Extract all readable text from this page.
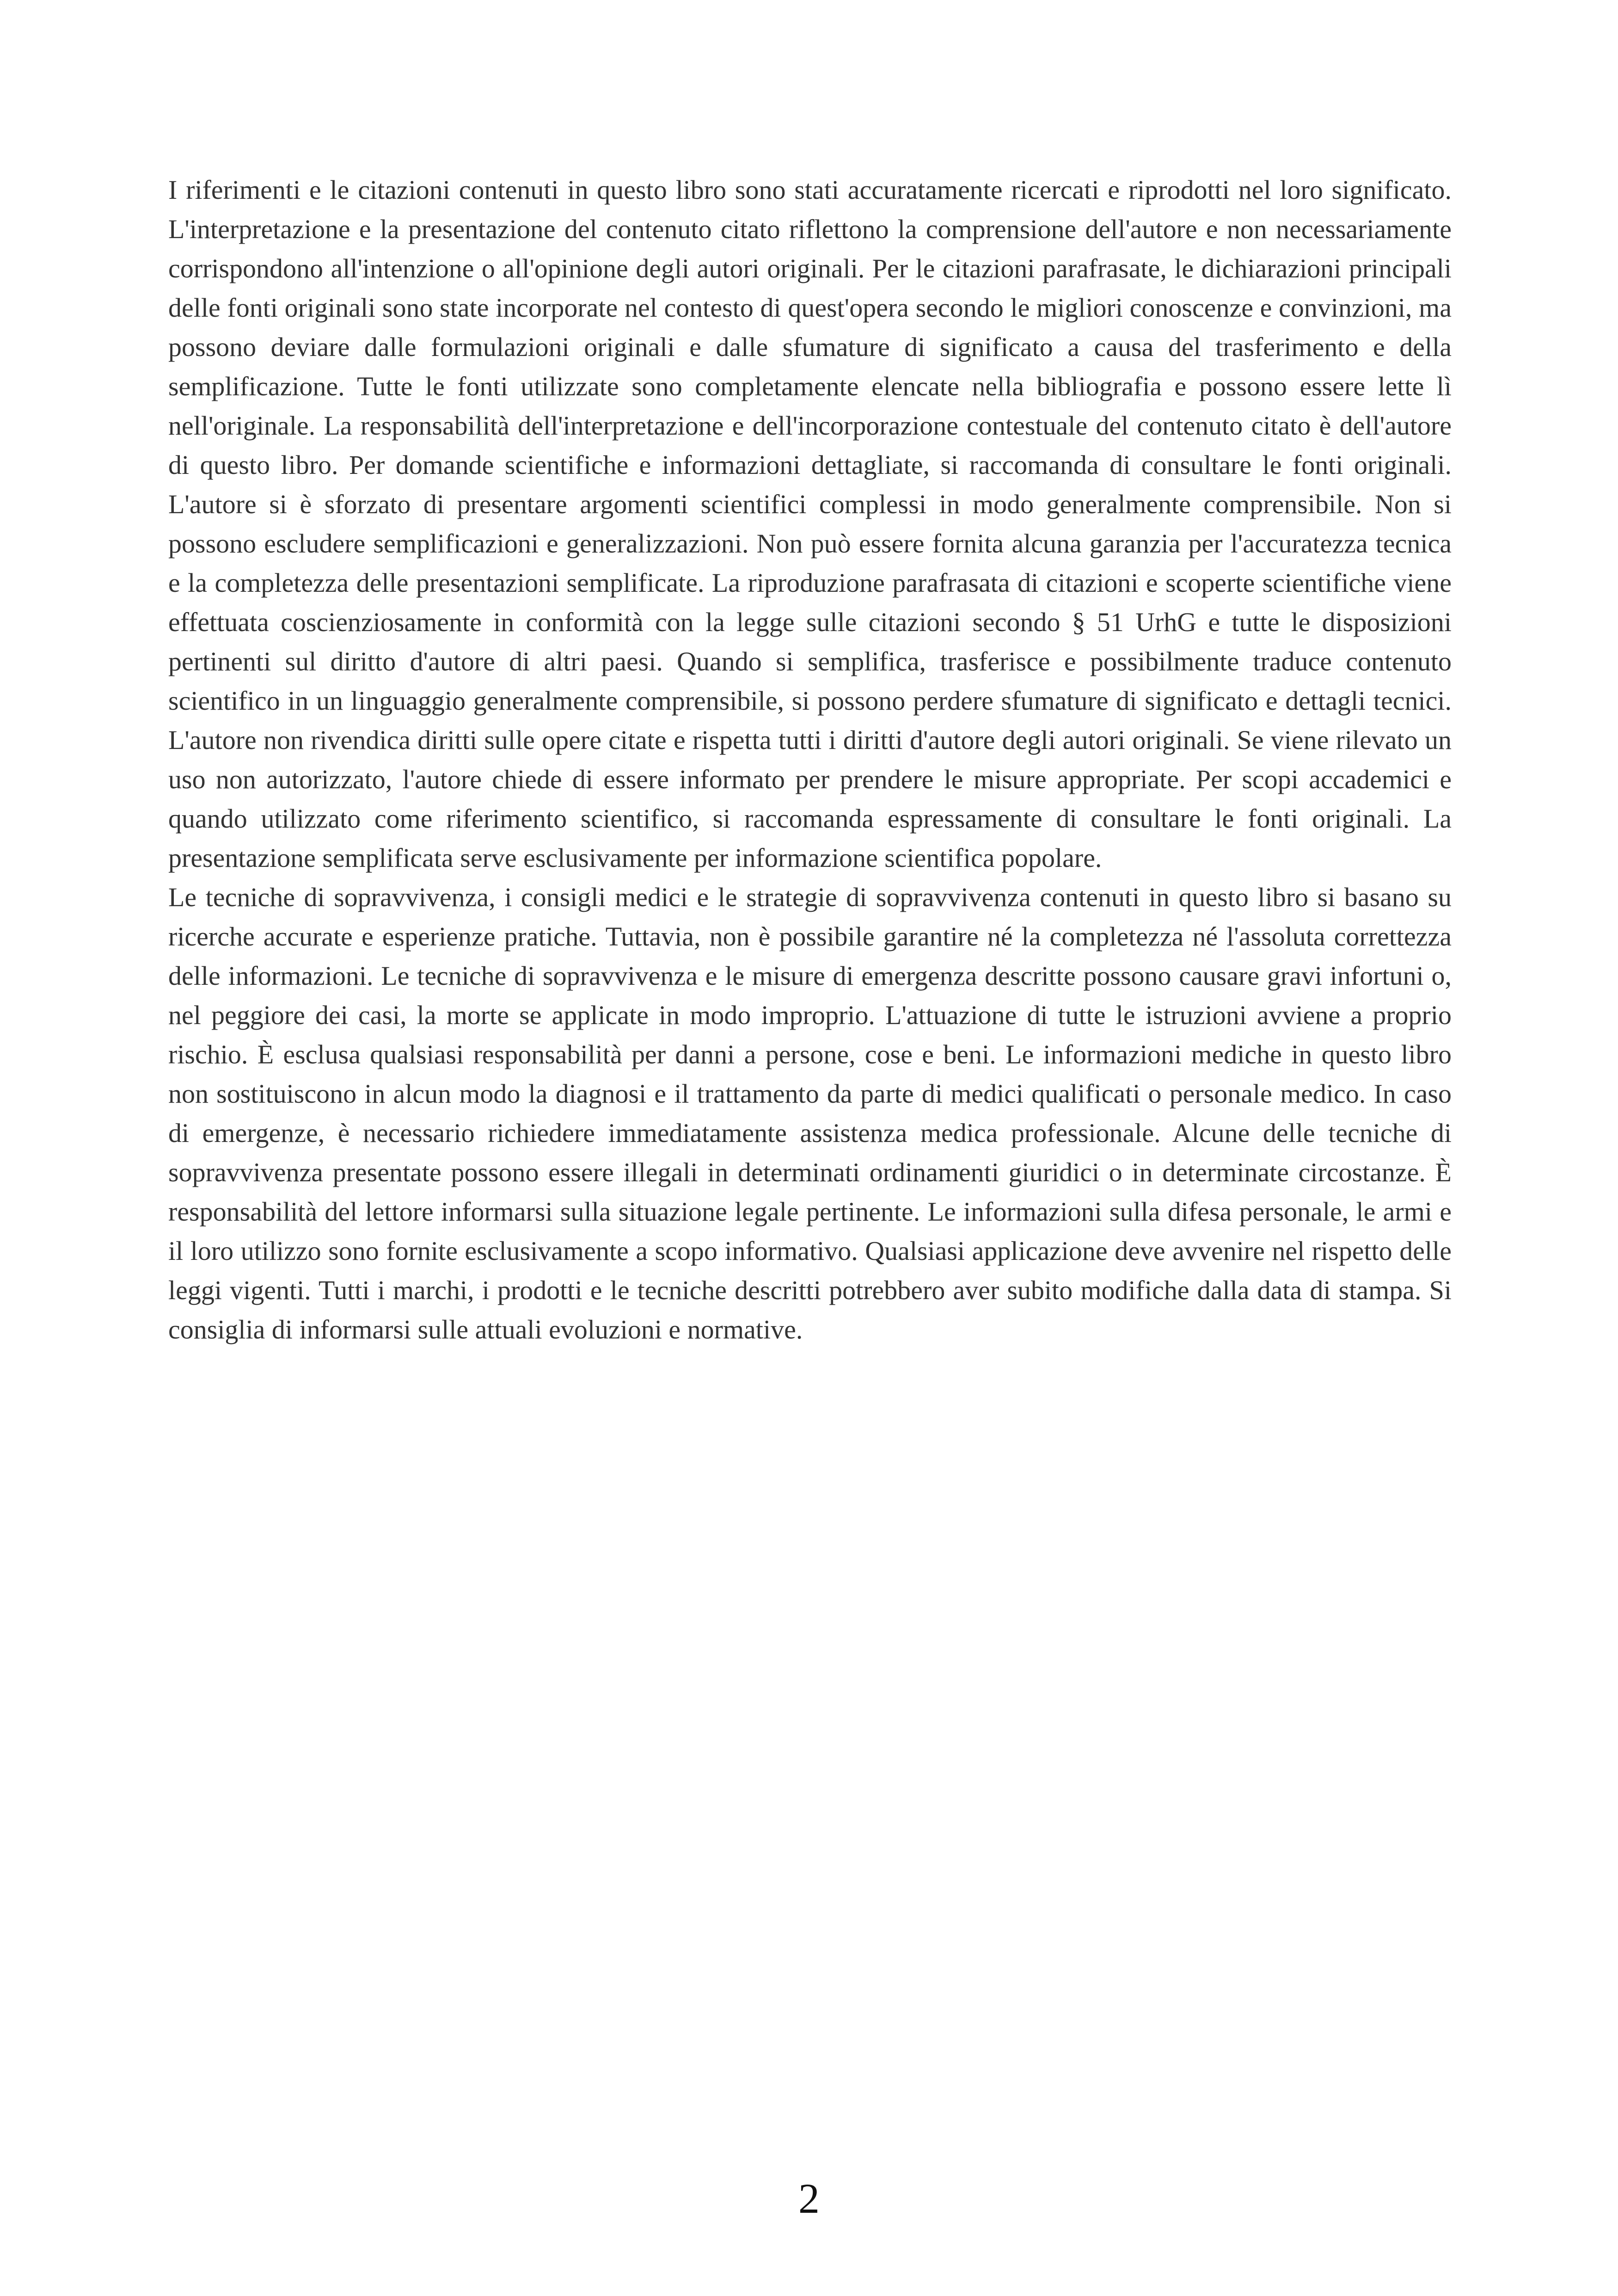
I riferimenti e le citazioni contenuti in questo libro sono stati accuratamente ricercati e riprodotti nel loro significato. L'interpretazione e la presentazione del contenuto citato riflettono la comprensione dell'autore e non necessariamente corrispondono all'intenzione o all'opinione degli autori originali. Per le citazioni parafrasate, le dichiarazioni principali delle fonti originali sono state incorporate nel contesto di quest'opera secondo le migliori conoscenze e convinzioni, ma possono deviare dalle formulazioni originali e dalle sfumature di significato a causa del trasferimento e della semplificazione. Tutte le fonti utilizzate sono completamente elencate nella bibliografia e possono essere lette lì nell'originale. La responsabilità dell'interpretazione e dell'incorporazione contestuale del contenuto citato è dell'autore di questo libro. Per domande scientifiche e informazioni dettagliate, si raccomanda di consultare le fonti originali. L'autore si è sforzato di presentare argomenti scientifici complessi in modo generalmente comprensibile. Non si possono escludere semplificazioni e generalizzazioni. Non può essere fornita alcuna garanzia per l'accuratezza tecnica e la completezza delle presentazioni semplificate. La riproduzione parafrasata di citazioni e scoperte scientifiche viene effettuata coscienziosamente in conformità con la legge sulle citazioni secondo § 51 UrhG e tutte le disposizioni pertinenti sul diritto d'autore di altri paesi. Quando si semplifica, trasferisce e possibilmente traduce contenuto scientifico in un linguaggio generalmente comprensibile, si possono perdere sfumature di significato e dettagli tecnici. L'autore non rivendica diritti sulle opere citate e rispetta tutti i diritti d'autore degli autori originali. Se viene rilevato un uso non autorizzato, l'autore chiede di essere informato per prendere le misure appropriate. Per scopi accademici e quando utilizzato come riferimento scientifico, si raccomanda espressamente di consultare le fonti originali. La presentazione semplificata serve esclusivamente per informazione scientifica popolare.

Le tecniche di sopravvivenza, i consigli medici e le strategie di sopravvivenza contenuti in questo libro si basano su ricerche accurate e esperienze pratiche. Tuttavia, non è possibile garantire né la completezza né l'assoluta correttezza delle informazioni. Le tecniche di sopravvivenza e le misure di emergenza descritte possono causare gravi infortuni o, nel peggiore dei casi, la morte se applicate in modo improprio. L'attuazione di tutte le istruzioni avviene a proprio rischio. È esclusa qualsiasi responsabilità per danni a persone, cose e beni. Le informazioni mediche in questo libro non sostituiscono in alcun modo la diagnosi e il trattamento da parte di medici qualificati o personale medico. In caso di emergenze, è necessario richiedere immediatamente assistenza medica professionale. Alcune delle tecniche di sopravvivenza presentate possono essere illegali in determinati ordinamenti giuridici o in determinate circostanze. È responsabilità del lettore informarsi sulla situazione legale pertinente. Le informazioni sulla difesa personale, le armi e il loro utilizzo sono fornite esclusivamente a scopo informativo. Qualsiasi applicazione deve avvenire nel rispetto delle leggi vigenti. Tutti i marchi, i prodotti e le tecniche descritti potrebbero aver subito modifiche dalla data di stampa. Si consiglia di informarsi sulle attuali evoluzioni e normative.

2
